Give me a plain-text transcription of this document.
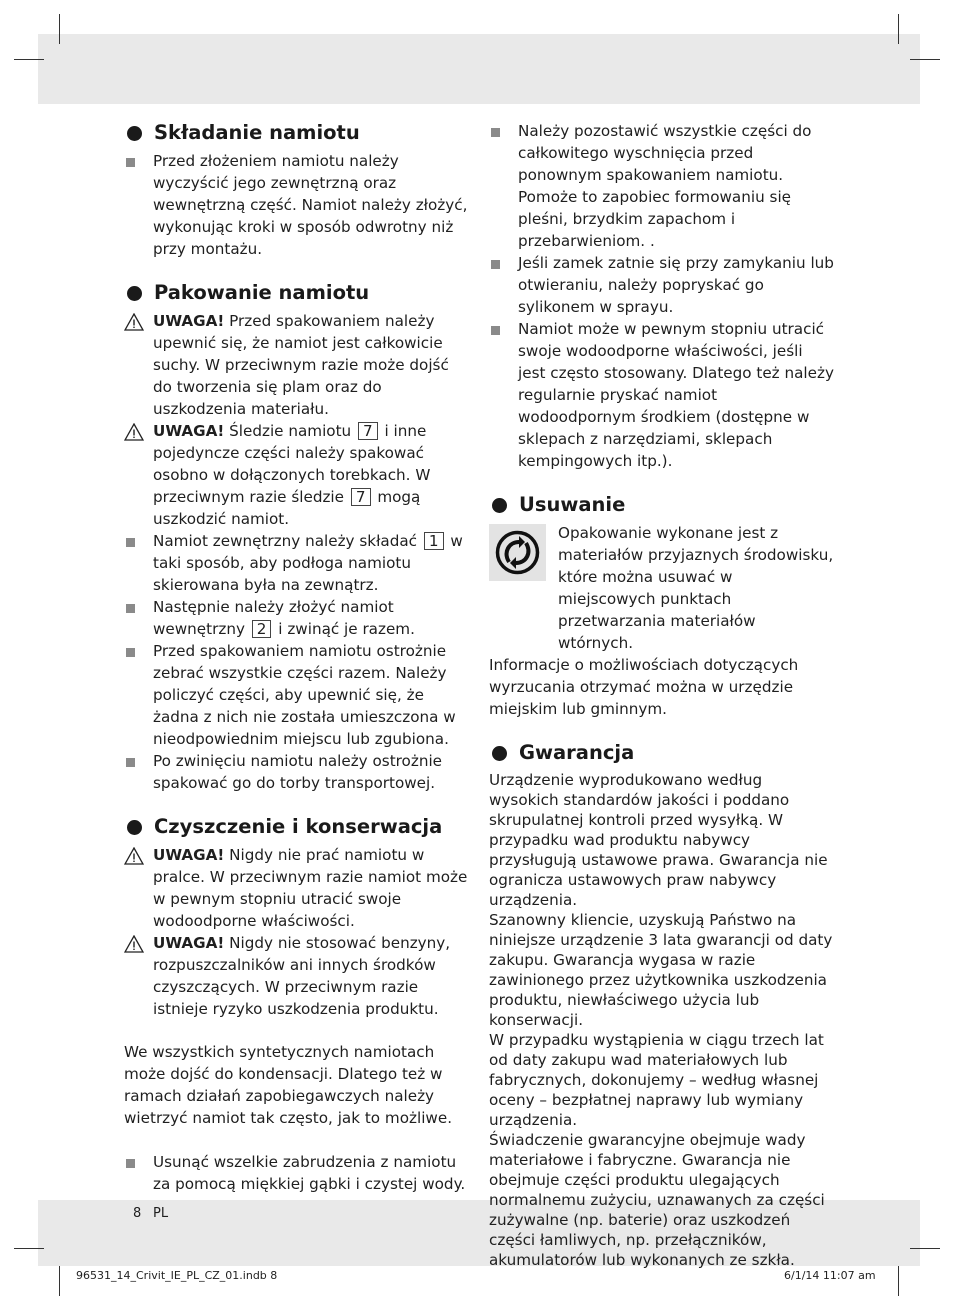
Składanie namiotu
Przed złożeniem namiotu należy wyczyścić jego zewnętrzną oraz wewnętrzną część. Namiot należy złożyć, wykonując kroki w sposób odwrotny niż przy montażu.
Pakowanie namiotu
UWAGA! Przed spakowaniem należy upewnić się, że namiot jest całkowicie suchy. W przeciwnym razie może dojść do tworzenia się plam oraz do uszkodzenia materiału.
UWAGA! Śledzie namiotu 7 i inne pojedyncze części należy spakować osobno w dołączonych torebkach. W przeciwnym razie śledzie 7 mogą uszkodzić namiot.
Namiot zewnętrzny należy składać 1 w taki sposób, aby podłoga namiotu skierowana była na zewnątrz.
Następnie należy złożyć namiot wewnętrzny 2 i zwinąć je razem.
Przed spakowaniem namiotu ostrożnie zebrać wszystkie części razem. Należy policzyć części, aby upewnić się, że żadna z nich nie została umieszczona w nieodpowiednim miejscu lub zgubiona.
Po zwinięciu namiotu należy ostrożnie spakować go do torby transportowej.
Czyszczenie i konserwacja
UWAGA! Nigdy nie prać namiotu w pralce. W przeciwnym razie namiot może w pewnym stopniu utracić swoje wodoodporne właściwości.
UWAGA! Nigdy nie stosować benzyny, rozpuszczalników ani innych środków czyszczących. W przeciwnym razie istnieje ryzyko uszkodzenia produktu.
We wszystkich syntetycznych namiotach może dojść do kondensacji. Dlatego też w ramach działań zapobiegawczych należy wietrzyć namiot tak często, jak to możliwe.
Usunąć wszelkie zabrudzenia z namiotu za pomocą miękkiej gąbki i czystej wody.
Należy pozostawić wszystkie części do całkowitego wyschnięcia przed ponownym spakowaniem namiotu. Pomoże to zapobiec formowaniu się pleśni, brzydkim zapachom i przebarwieniom. .
Jeśli zamek zatnie się przy zamykaniu lub otwieraniu, należy popryskać go sylikonem w sprayu.
Namiot może w pewnym stopniu utracić swoje wodoodporne właściwości, jeśli jest często stosowany. Dlatego też należy regularnie pryskać namiot wodoodpornym środkiem (dostępne w sklepach z narzędziami, sklepach kempingowych itp.).
Usuwanie
Opakowanie wykonane jest z materiałów przyjaznych środowisku, które można usuwać w miejscowych punktach przetwarzania materiałów wtórnych.
Informacje o możliwościach dotyczących wyrzucania otrzymać można w urzędzie miejskim lub gminnym.
Gwarancja
Urządzenie wyprodukowano według wysokich standardów jakości i poddano skrupulatnej kontroli przed wysyłką. W przypadku wad produktu nabywcy przysługują ustawowe prawa. Gwarancja nie ogranicza ustawowych praw nabywcy urządzenia.
Szanowny kliencie, uzyskują Państwo na niniejsze urządzenie 3 lata gwarancji od daty zakupu. Gwarancja wygasa w razie zawinionego przez użytkownika uszkodzenia produktu, niewłaściwego użycia lub konserwacji.
W przypadku wystąpienia w ciągu trzech lat od daty zakupu wad materiałowych lub fabrycznych, dokonujemy – według własnej oceny – bezpłatnej naprawy lub wymiany urządzenia.
Świadczenie gwarancyjne obejmuje wady materiałowe i fabryczne. Gwarancja nie obejmuje części produktu ulegających normalnemu zużyciu, uznawanych za części zużywalne (np. baterie) oraz uszkodzeń części łamliwych, np. przełączników, akumulatorów lub wykonanych ze szkła.
8 PL
96531_14_Crivit_IE_PL_CZ_01.indb 8	6/1/14 11:07 am
